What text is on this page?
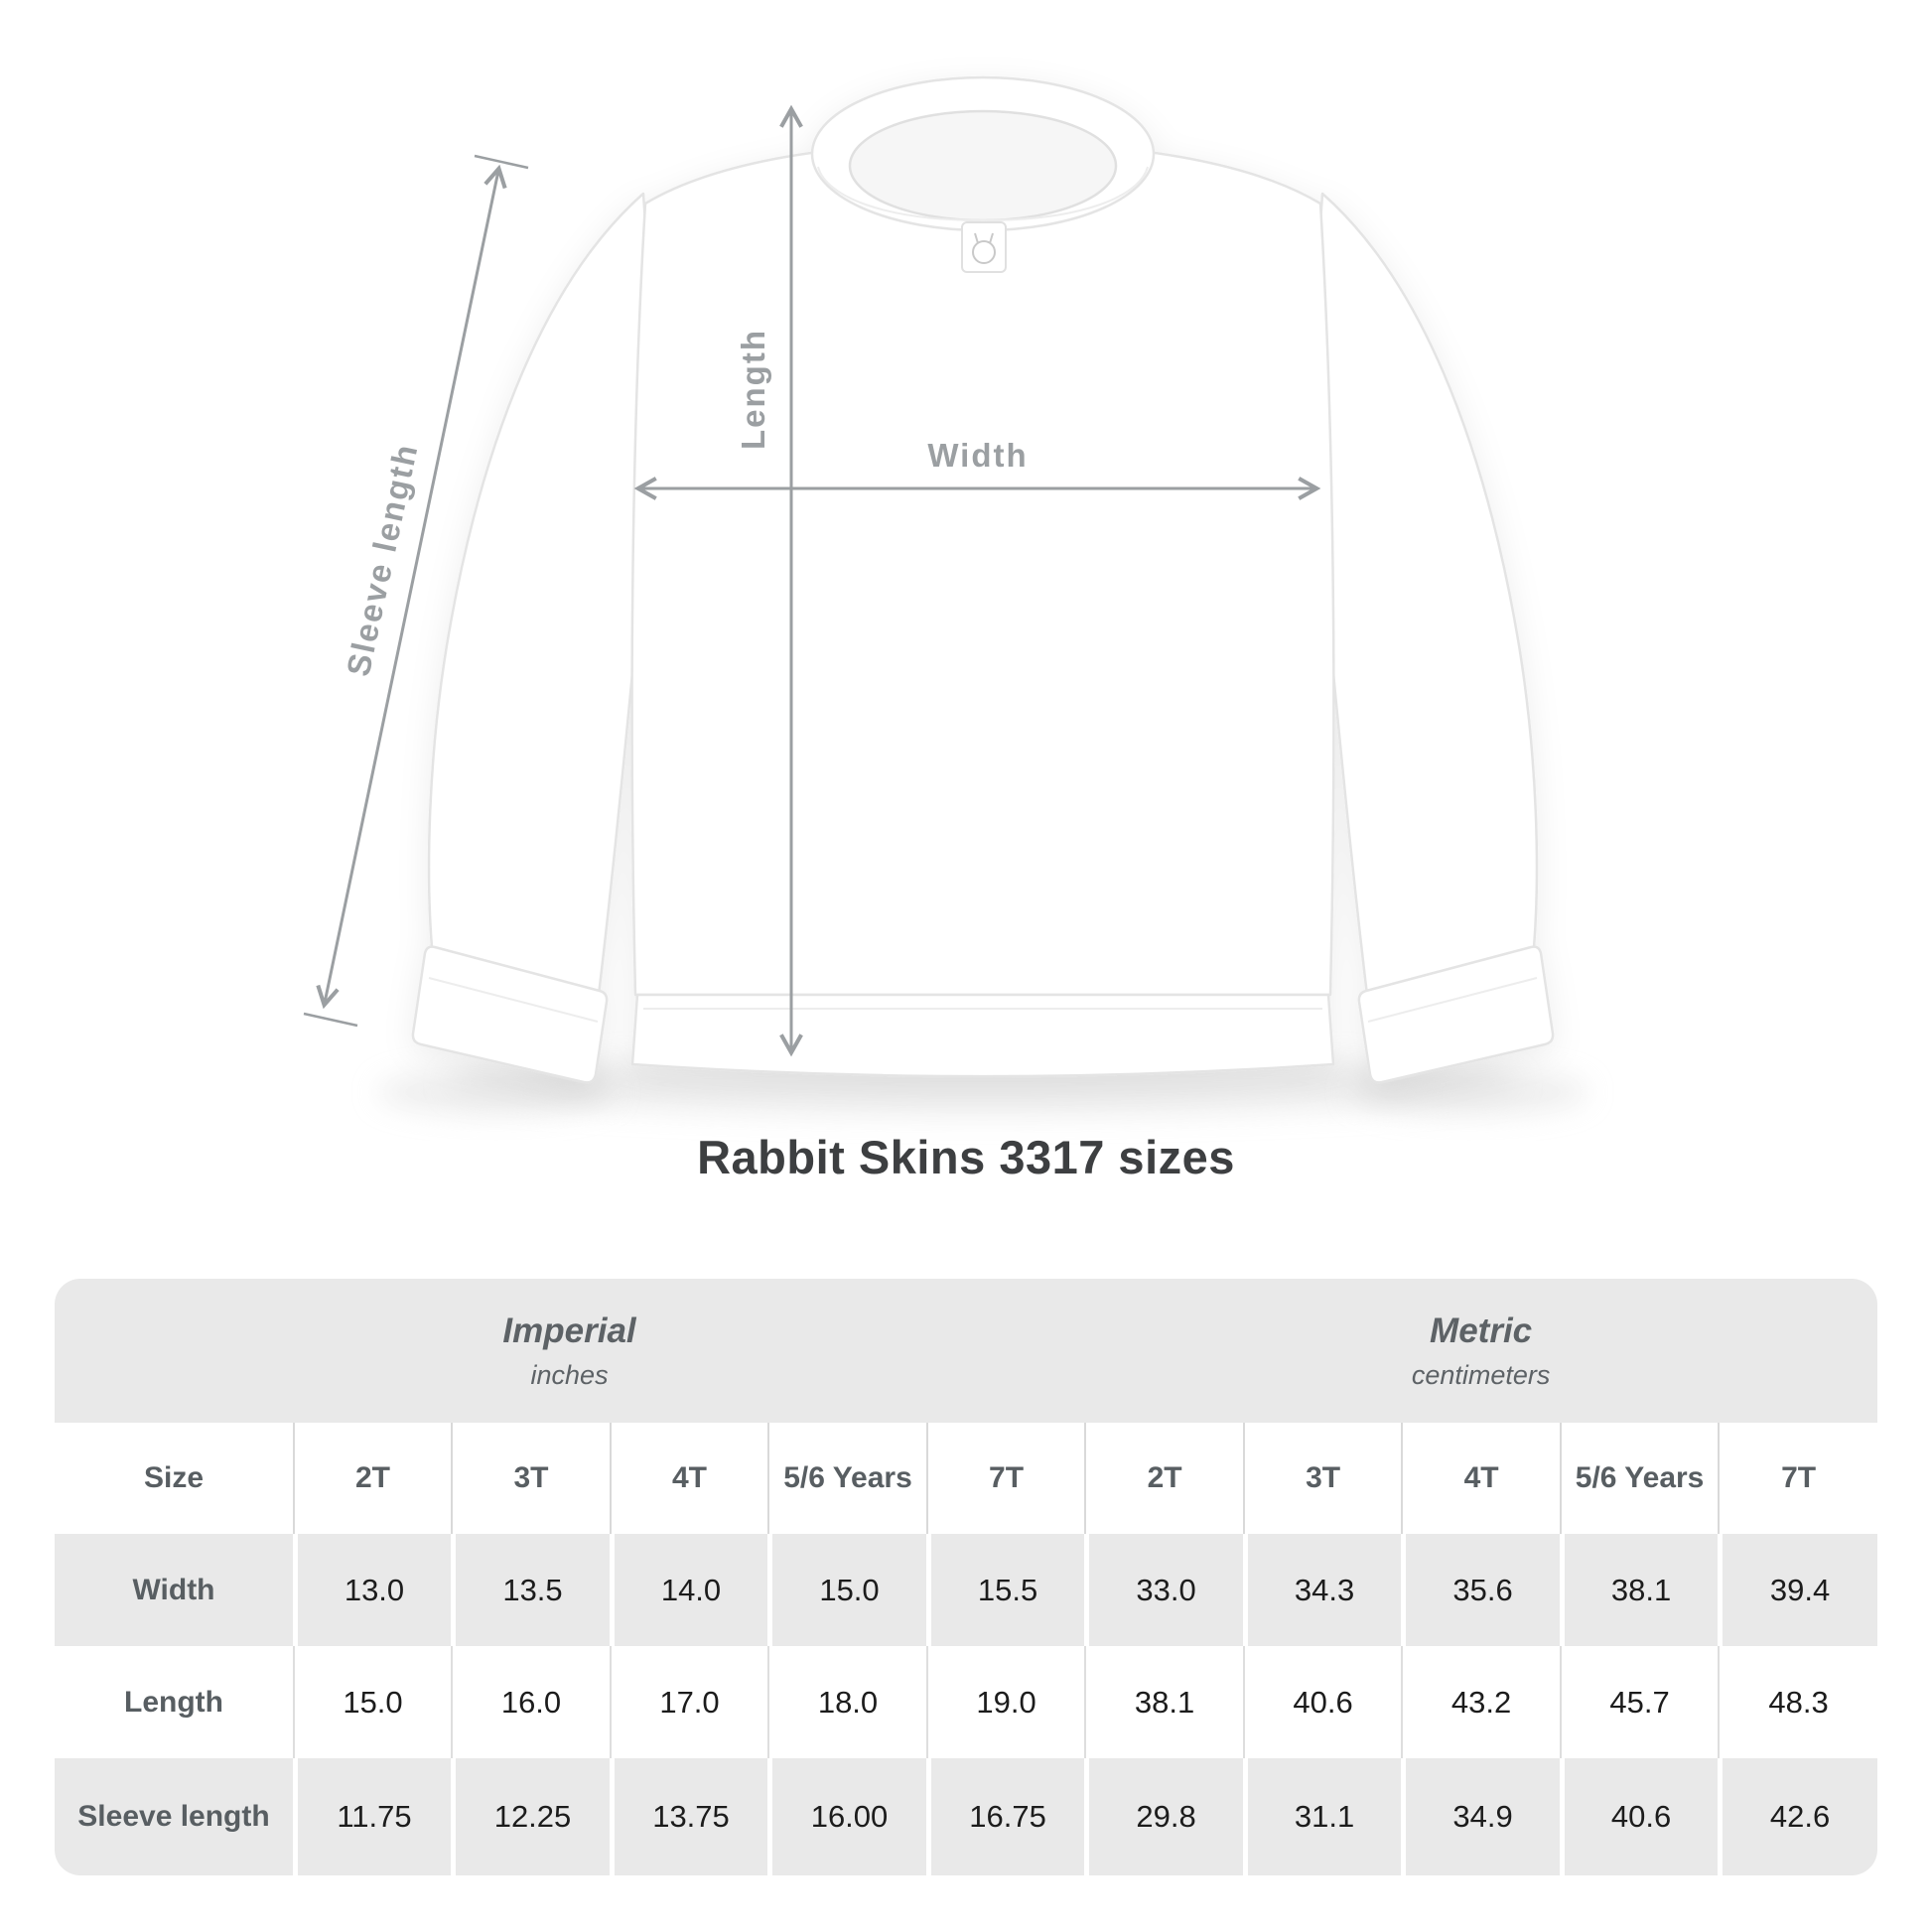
Width
Length
Sleeve length
Rabbit Skins 3317 sizes
Imperial
inches

Metric
centimeters

Size	2T	3T	4T	5/6 Years	7T	2T	3T	4T	5/6 Years	7T
Width	13.0	13.5	14.0	15.0	15.5	33.0	34.3	35.6	38.1	39.4
Length	15.0	16.0	17.0	18.0	19.0	38.1	40.6	43.2	45.7	48.3
Sleeve length	11.75	12.25	13.75	16.00	16.75	29.8	31.1	34.9	40.6	42.6
